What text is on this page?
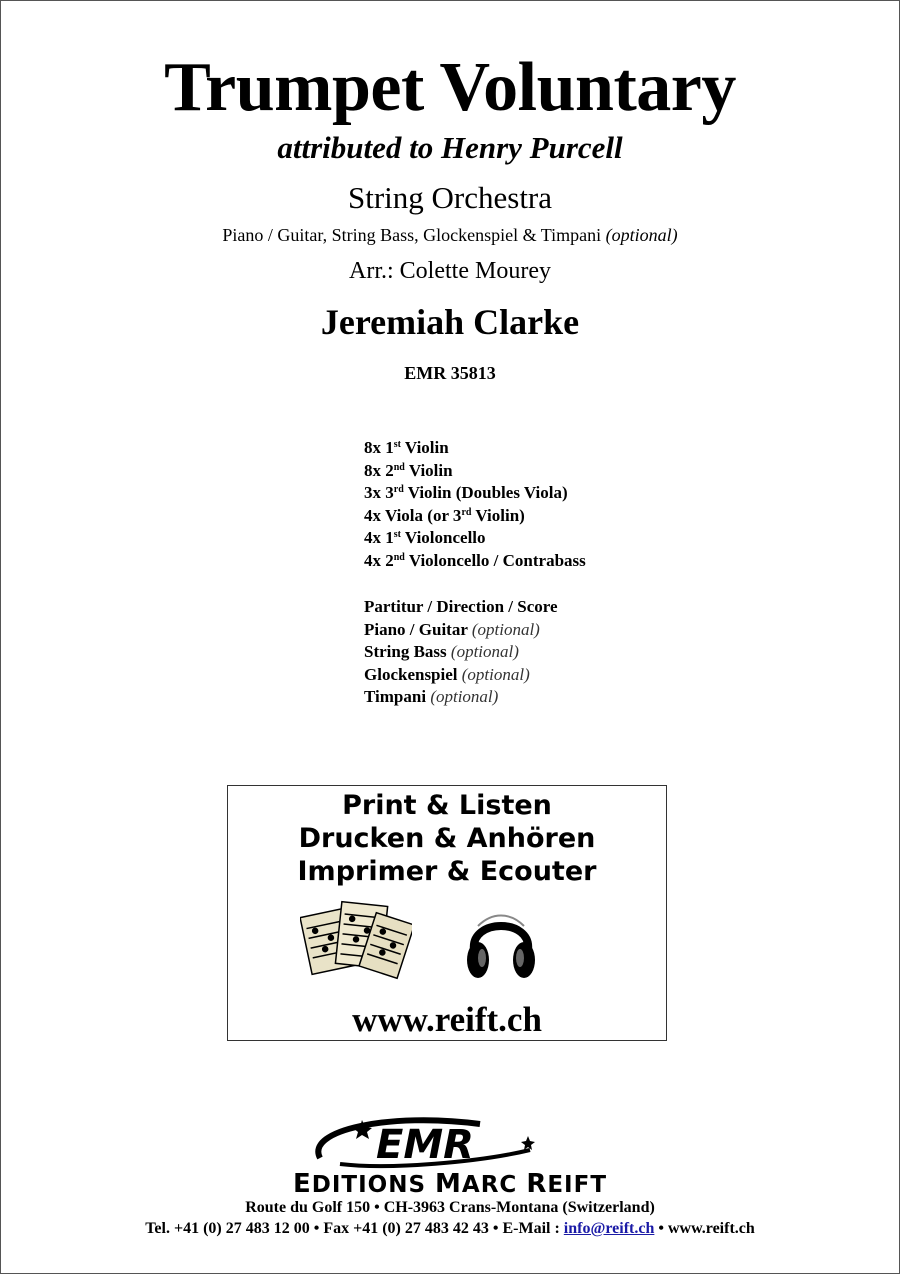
Trumpet Voluntary
attributed to Henry Purcell
String Orchestra
Piano / Guitar, String Bass, Glockenspiel & Timpani (optional)
Arr.: Colette Mourey
Jeremiah Clarke
EMR 35813
8x 1st Violin
8x 2nd Violin
3x 3rd Violin (Doubles Viola)
4x Viola (or 3rd Violin)
4x 1st Violoncello
4x 2nd Violoncello / Contrabass
Partitur / Direction / Score
Piano / Guitar (optional)
String Bass (optional)
Glockenspiel (optional)
Timpani (optional)
Print & Listen
Drucken & Anhören
Imprimer & Ecouter
www.reift.ch
EMR
EDITIONS MARC REIFT
Route du Golf 150 • CH-3963 Crans-Montana (Switzerland)
Tel. +41 (0) 27 483 12 00 • Fax +41 (0) 27 483 42 43 • E-Mail : info@reift.ch • www.reift.ch
